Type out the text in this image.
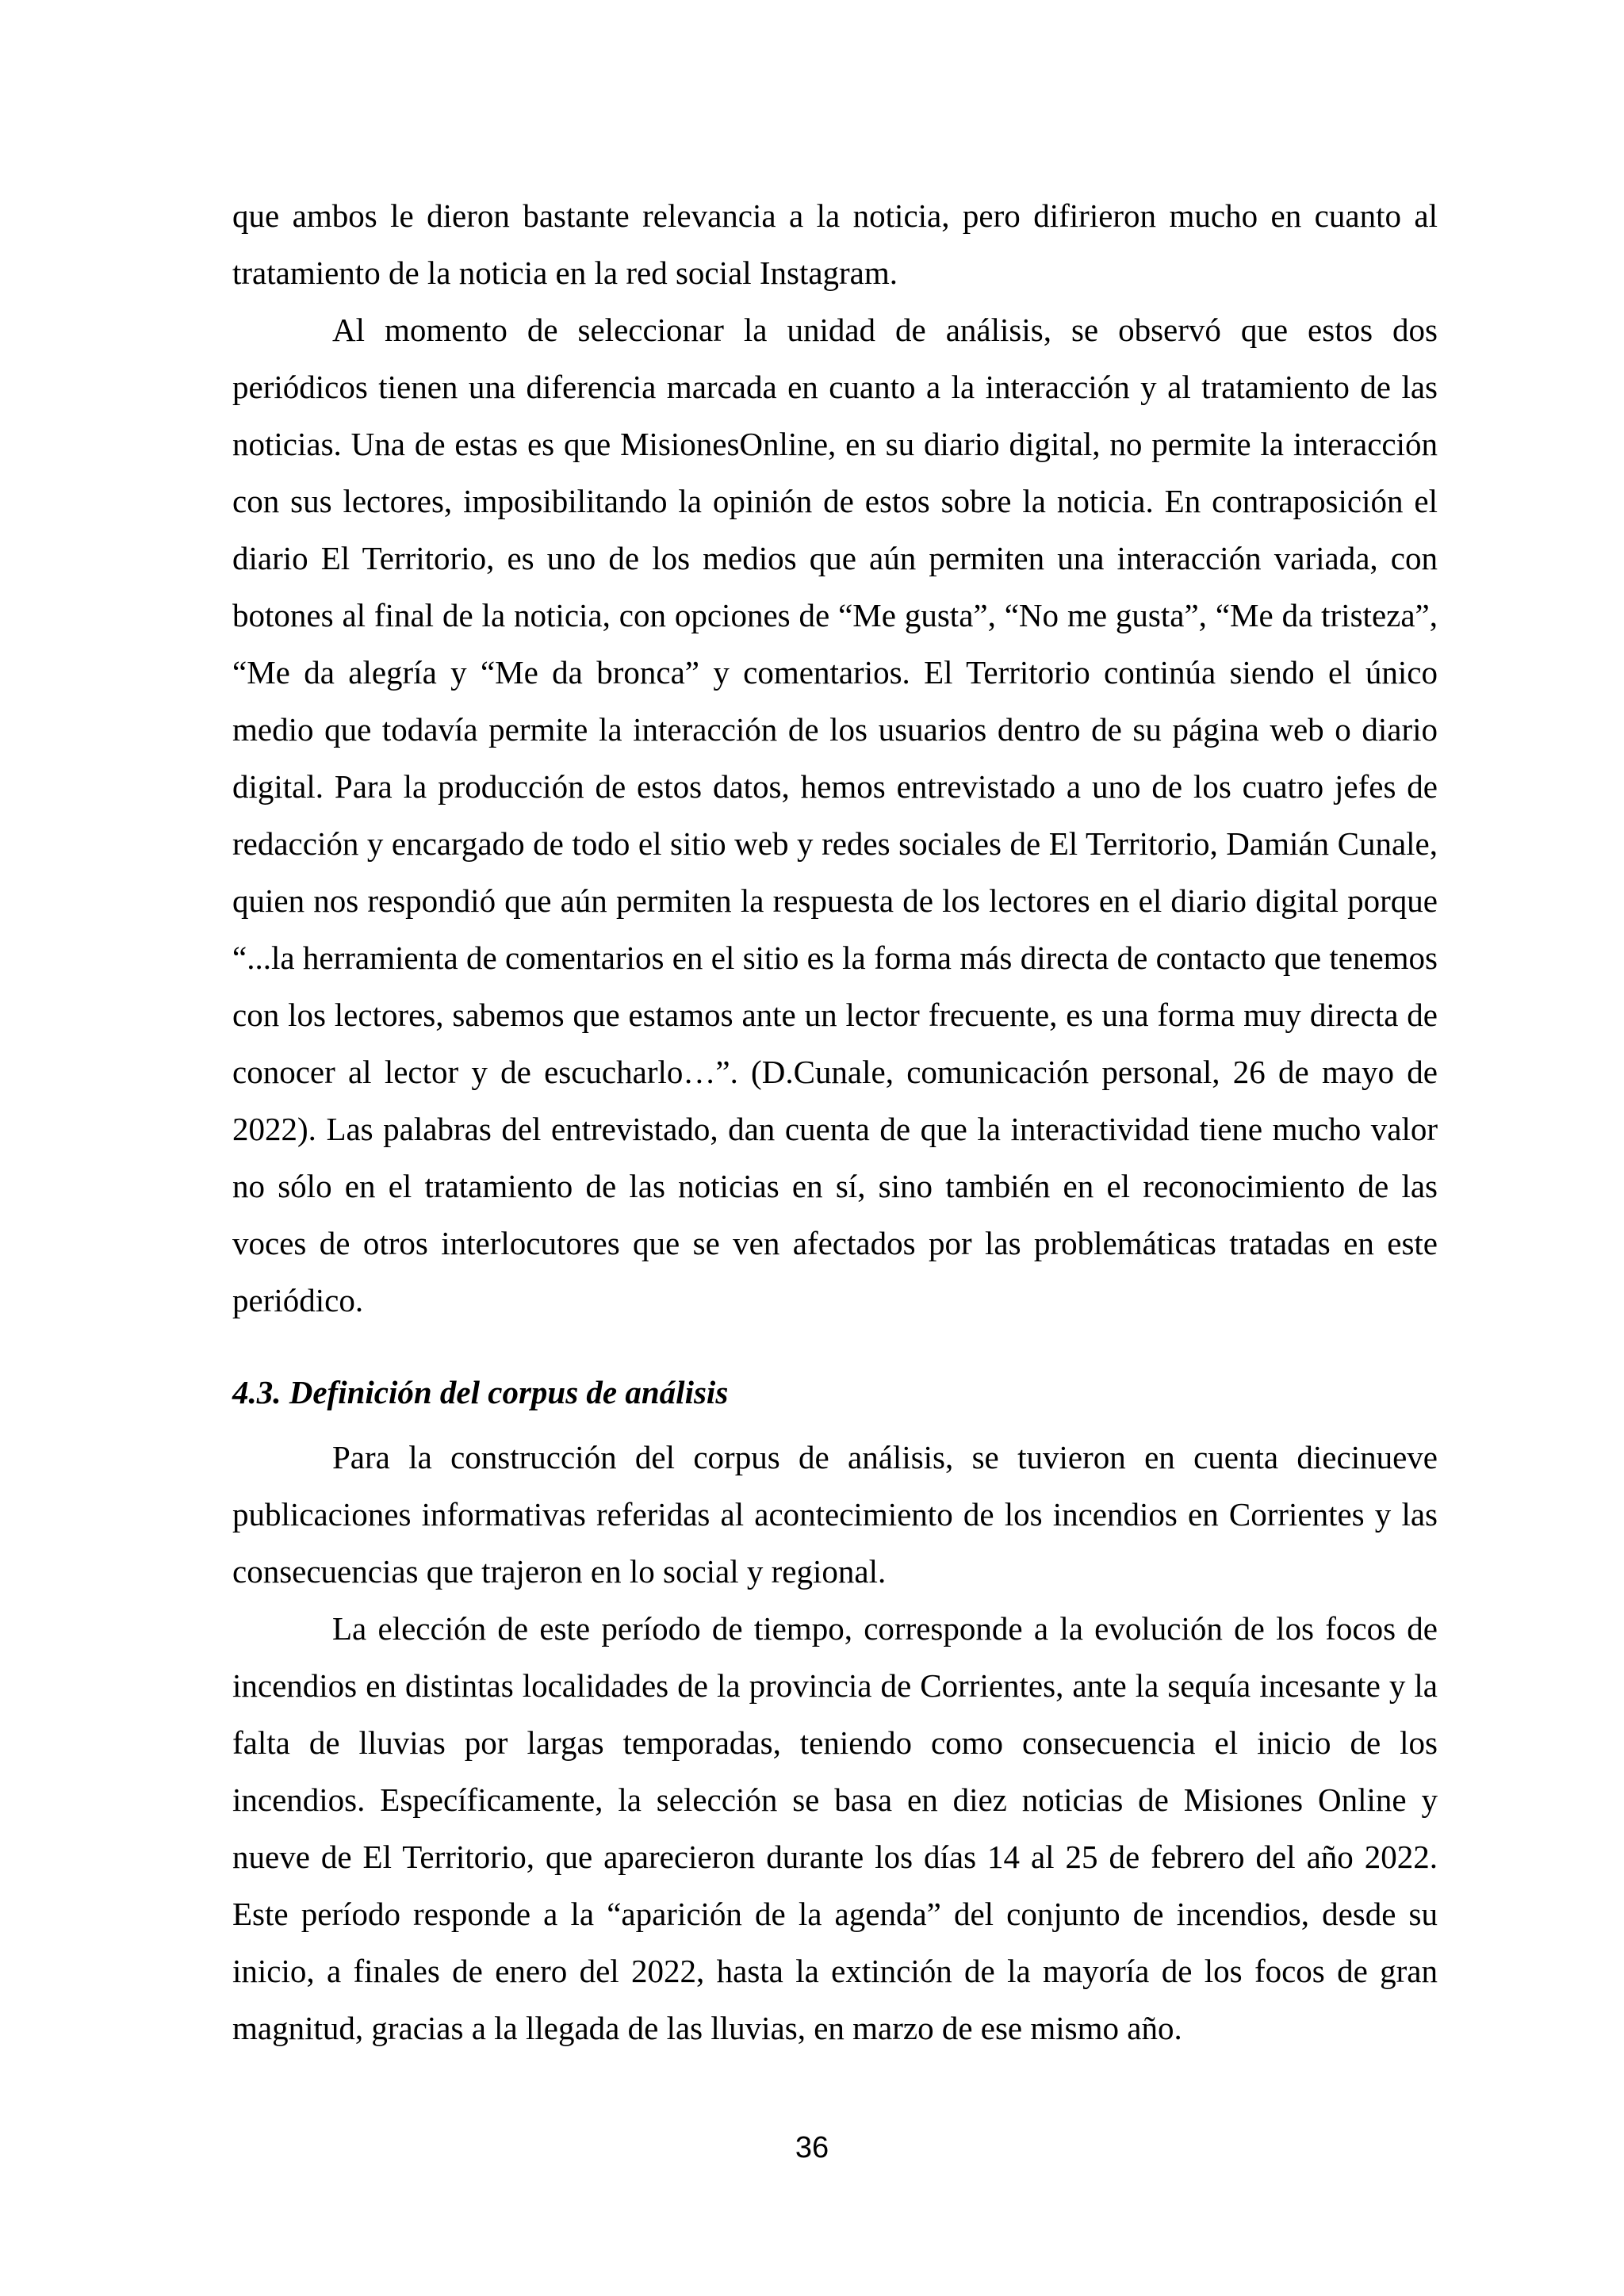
que ambos le dieron bastante relevancia a la noticia, pero difirieron mucho en cuanto al tratamiento de la noticia en la red social Instagram.

Al momento de seleccionar la unidad de análisis, se observó que estos dos periódicos tienen una diferencia marcada en cuanto a la interacción y al tratamiento de las noticias. Una de estas es que MisionesOnline, en su diario digital, no permite la interacción con sus lectores, imposibilitando la opinión de estos sobre la noticia. En contraposición el diario El Territorio, es uno de los medios que aún permiten una interacción variada, con botones al final de la noticia, con opciones de “Me gusta”, “No me gusta”, “Me da tristeza”, “Me da alegría y “Me da bronca” y comentarios. El Territorio continúa siendo el único medio que todavía permite la interacción de los usuarios dentro de su página web o diario digital. Para la producción de estos datos, hemos entrevistado a uno de los cuatro jefes de redacción y encargado de todo el sitio web y redes sociales de El Territorio, Damián Cunale, quien nos respondió que aún permiten la respuesta de los lectores en el diario digital porque “...la herramienta de comentarios en el sitio es la forma más directa de contacto que tenemos con los lectores, sabemos que estamos ante un lector frecuente, es una forma muy directa de conocer al lector y de escucharlo…”. (D.Cunale, comunicación personal, 26 de mayo de 2022). Las palabras del entrevistado, dan cuenta de que la interactividad tiene mucho valor no sólo en el tratamiento de las noticias en sí, sino también en el reconocimiento de las voces de otros interlocutores que se ven afectados por las problemáticas tratadas en este periódico.

4.3. Definición del corpus de análisis

Para la construcción del corpus de análisis, se tuvieron en cuenta diecinueve publicaciones informativas referidas al acontecimiento de los incendios en Corrientes y las consecuencias que trajeron en lo social y regional.

La elección de este período de tiempo, corresponde a la evolución de los focos de incendios en distintas localidades de la provincia de Corrientes, ante la sequía incesante y la falta de lluvias por largas temporadas, teniendo como consecuencia el inicio de los incendios. Específicamente, la selección se basa en diez noticias de Misiones Online y nueve de El Territorio, que aparecieron durante los días 14 al 25 de febrero del año 2022. Este período responde a la “aparición de la agenda” del conjunto de incendios, desde su inicio, a finales de enero del 2022, hasta la extinción de la mayoría de los focos de gran magnitud, gracias a la llegada de las lluvias, en marzo de ese mismo año.

36
